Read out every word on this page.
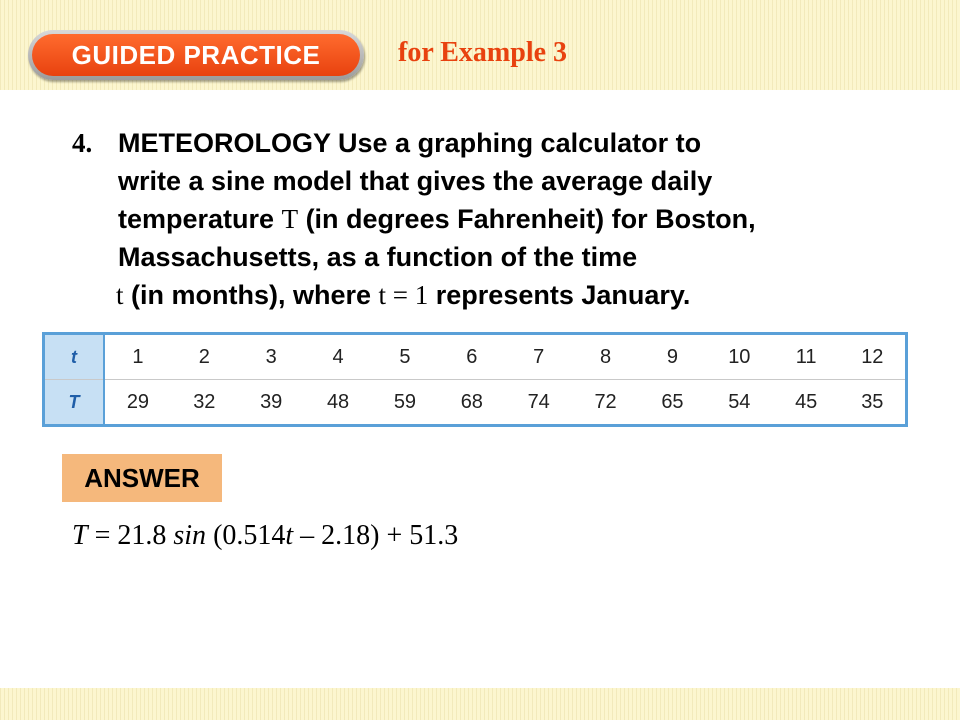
GUIDED PRACTICE	for Example 3
4. METEOROLOGY Use a graphing calculator to
write a sine model that gives the average daily
temperature T (in degrees Fahrenheit) for Boston,
Massachusetts, as a function of the time
t (in months), where t = 1 represents January.
t	1	2	3	4	5	6	7	8	9	10	11	12
T	29	32	39	48	59	68	74	72	65	54	45	35
ANSWER
T = 21.8 sin (0.514t – 2.18) + 51.3
